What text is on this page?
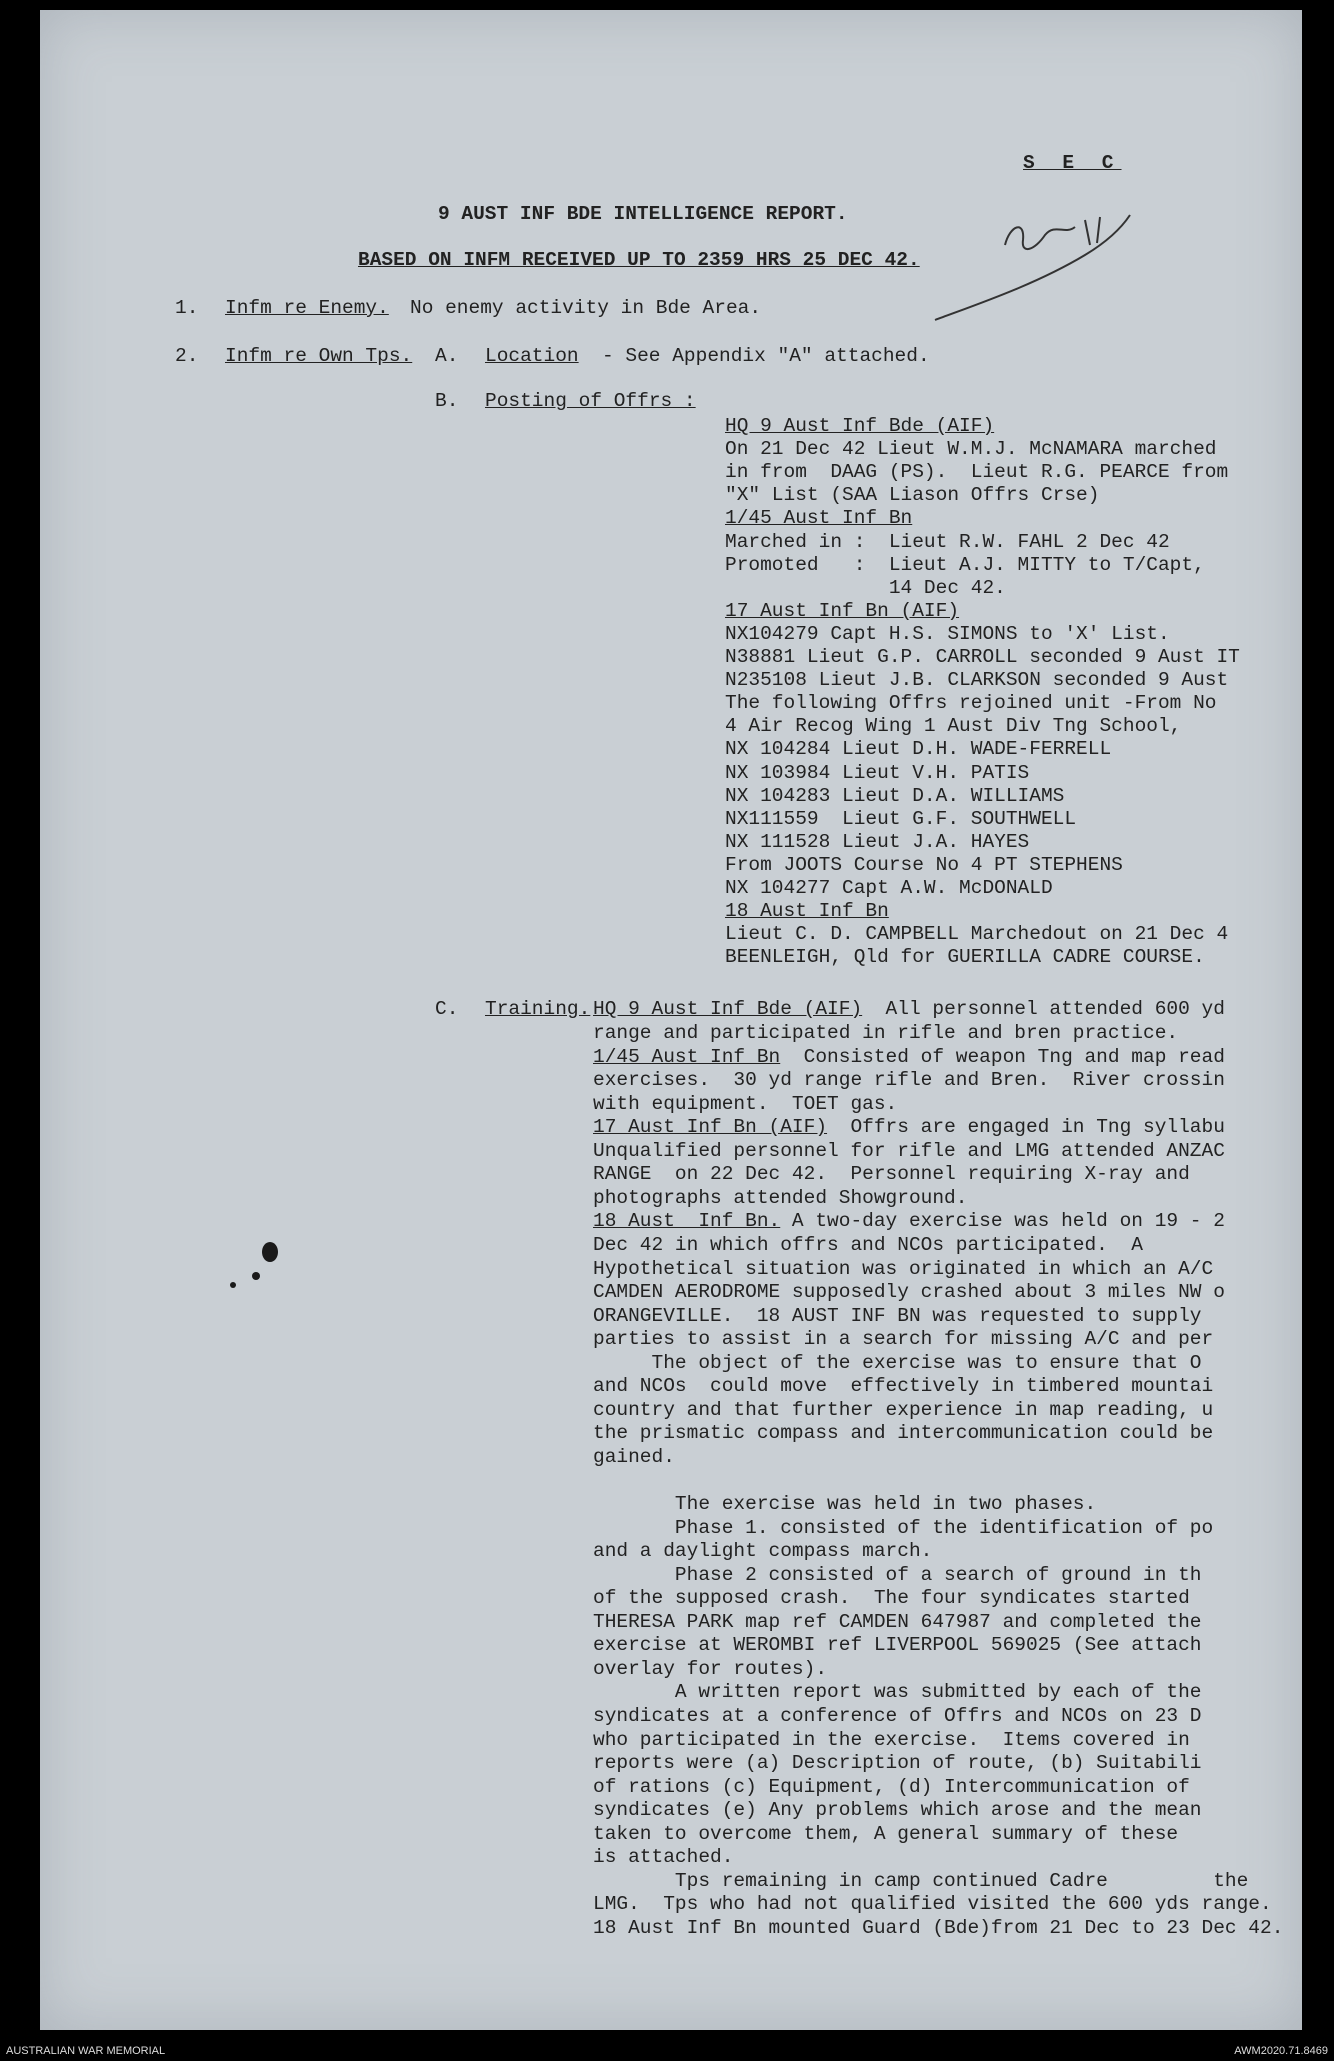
S E C
9 AUST INF BDE INTELLIGENCE REPORT.
BASED ON INFM RECEIVED UP TO 2359 HRS 25 DEC 42.
1. Infm re Enemy. No enemy activity in Bde Area.
2. Infm re Own Tps. A. Location - See Appendix "A" attached.
B. Posting of Offrs :
HQ 9 Aust Inf Bde (AIF)
On 21 Dec 42 Lieut W.M.J. McNAMARA marched
in from  DAAG (PS).  Lieut R.G. PEARCE from
"X" List (SAA Liason Offrs Crse)
1/45 Aust Inf Bn
Marched in :  Lieut R.W. FAHL 2 Dec 42
Promoted   :  Lieut A.J. MITTY to T/Capt,
14 Dec 42.
17 Aust Inf Bn (AIF)
NX104279 Capt H.S. SIMONS to 'X' List.
N38881 Lieut G.P. CARROLL seconded 9 Aust IT
N235108 Lieut J.B. CLARKSON seconded 9 Aust
The following Offrs rejoined unit -From No
4 Air Recog Wing 1 Aust Div Tng School,
NX 104284 Lieut D.H. WADE-FERRELL
NX 103984 Lieut V.H. PATIS
NX 104283 Lieut D.A. WILLIAMS
NX111559  Lieut G.F. SOUTHWELL
NX 111528 Lieut J.A. HAYES
From JOOTS Course No 4 PT STEPHENS
NX 104277 Capt A.W. McDONALD
18 Aust Inf Bn
Lieut C. D. CAMPBELL Marchedout on 21 Dec 4
BEENLEIGH, Qld for GUERILLA CADRE COURSE.
C. Training. HQ 9 Aust Inf Bde (AIF)  All personnel attended 600 yd
range and participated in rifle and bren practice.
1/45 Aust Inf Bn  Consisted of weapon Tng and map read
exercises.  30 yd range rifle and Bren.  River crossin
with equipment.  TOET gas.
17 Aust Inf Bn (AIF)  Offrs are engaged in Tng syllabu
Unqualified personnel for rifle and LMG attended ANZAC
RANGE  on 22 Dec 42.  Personnel requiring X-ray and
photographs attended Showground.
18 Aust  Inf Bn. A two-day exercise was held on 19 - 2
Dec 42 in which offrs and NCOs participated.  A
Hypothetical situation was originated in which an A/C
CAMDEN AERODROME supposedly crashed about 3 miles NW o
ORANGEVILLE.  18 AUST INF BN was requested to supply
parties to assist in a search for missing A/C and per
The object of the exercise was to ensure that O
and NCOs  could move  effectively in timbered mountai
country and that further experience in map reading, u
the prismatic compass and intercommunication could be
gained.
The exercise was held in two phases.
Phase 1. consisted of the identification of po
and a daylight compass march.
Phase 2 consisted of a search of ground in th
of the supposed crash.  The four syndicates started
THERESA PARK map ref CAMDEN 647987 and completed the
exercise at WEROMBI ref LIVERPOOL 569025 (See attach
overlay for routes).
A written report was submitted by each of the
syndicates at a conference of Offrs and NCOs on 23 D
who participated in the exercise.  Items covered in
reports were (a) Description of route, (b) Suitabili
of rations (c) Equipment, (d) Intercommunication of
syndicates (e) Any problems which arose and the mean
taken to overcome them, A general summary of these
is attached.
Tps remaining in camp continued Cadre         the
LMG.  Tps who had not qualified visited the 600 yds range.
18 Aust Inf Bn mounted Guard (Bde)from 21 Dec to 23 Dec 42.
AUSTRALIAN WAR MEMORIAL	AWM2020.71.8469
